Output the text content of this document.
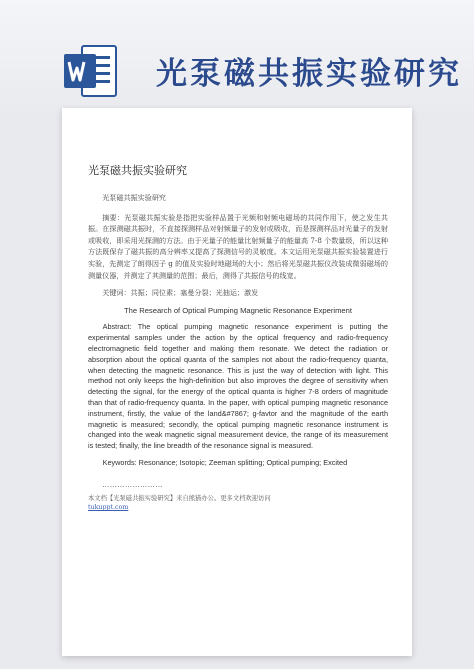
光泵磁共振实验研究
光泵磁共振实验研究

光泵磁共振实验研究

摘要：光泵磁共振实验是指把实验样品置于光频和射频电磁场的共同作用下，使之发生共振。在探测磁共振时，不直接探测样品对射频量子的发射或吸收，而是探测样品对光量子的发射或吸收，即采用光探测的方法。由于光量子的能量比射频量子的能量高 7-8 个数量级，所以这种方法既保存了磁共振的高分辨率又提高了探测信号的灵敏度。本文运用光泵磁共振实验装置进行实验，先测定了朗得因子 g 的值及实验时地磁场的大小；然后将光泵磁共振仪改装成微弱磁场的测量仪器，并测定了其测量的范围；最后，测得了共振信号的线宽。

关键词：共振；同位素；塞曼分裂；光抽运；激发

The Research of Optical Pumping Magnetic Resonance Experiment

Abstract: The optical pumping magnetic resonance experiment is putting the experimental samples under the action by the optical frequency and radio-frequency electromagnetic field together and making them resonate. We detect the radiation or absorption about the optical quanta of the samples not about the radio-frequency quanta, when detecting the magnetic resonance. This is just the way of detection with light. This method not only keeps the high-definition but also improves the degree of sensitivity when detecting the signal, for the energy of the optical quanta is higher 7-8 orders of magnitude than that of radio-frequency quanta. In the paper, with optical pumping magnetic resonance instrument, firstly, the value of the land&#7867; g-favtor and the magnitude of the earth magnetic is measured; secondly, the optical pumping magnetic resonance instrument is changed into the weak magnetic signal measurement device, the range of its measurement is tested; finally, the line breadth of the resonance signal is measured.

Keywords: Resonance; Isotopic; Zeeman splitting; Optical pumping; Excited

……………………

本文档【光泵磁共振实验研究】来自熊猫办公。更多文档欢迎访问
tukuppt.com
